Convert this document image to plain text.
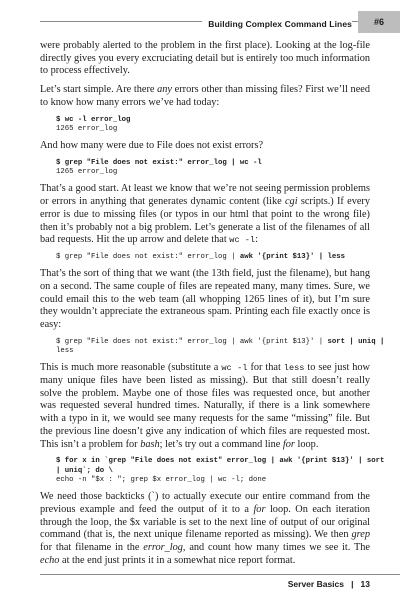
Building Complex Command Lines	#6

were probably alerted to the problem in the first place). Looking at the log-file directly gives you every excruciating detail but is entirely too much information to process effectively.

Let’s start simple. Are there any errors other than missing files? First we’ll need to know how many errors we’ve had today:

$ wc -l error_log
1265 error_log

And how many were due to File does not exist errors?

$ grep "File does not exist:" error_log | wc -l
1265 error_log

That’s a good start. At least we know that we’re not seeing permission problems or errors in anything that generates dynamic content (like cgi scripts.) If every error is due to missing files (or typos in our html that point to the wrong file) then it’s probably not a big problem. Let’s generate a list of the filenames of all bad requests. Hit the up arrow and delete that wc -l:

$ grep "File does not exist:" error_log | awk '{print $13}' | less

That’s the sort of thing that we want (the 13th field, just the filename), but hang on a second. The same couple of files are repeated many, many times. Sure, we could email this to the web team (all whopping 1265 lines of it), but I’m sure they wouldn’t appreciate the extraneous spam. Printing each file exactly once is easy:

$ grep "File does not exist:" error_log | awk '{print $13}' | sort | uniq |
less

This is much more reasonable (substitute a wc -l for that less to see just how many unique files have been listed as missing). But that still doesn’t really solve the problem. Maybe one of those files was requested once, but another was requested several hundred times. Naturally, if there is a link somewhere with a typo in it, we would see many requests for the same “missing” file. But the previous line doesn’t give any indication of which files are requested most. This isn’t a problem for bash; let’s try out a command line for loop.

$ for x in `grep "File does not exist" error_log | awk '{print $13}' | sort
| uniq`; do \
echo -n "$x : "; grep $x error_log | wc -l; done

We need those backticks (`) to actually execute our entire command from the previous example and feed the output of it to a for loop. On each iteration through the loop, the $x variable is set to the next line of output of our original command (that is, the next unique filename reported as missing). We then grep for that filename in the error_log, and count how many times we see it. The echo at the end just prints it in a somewhat nice report format.

Server Basics   |   13
